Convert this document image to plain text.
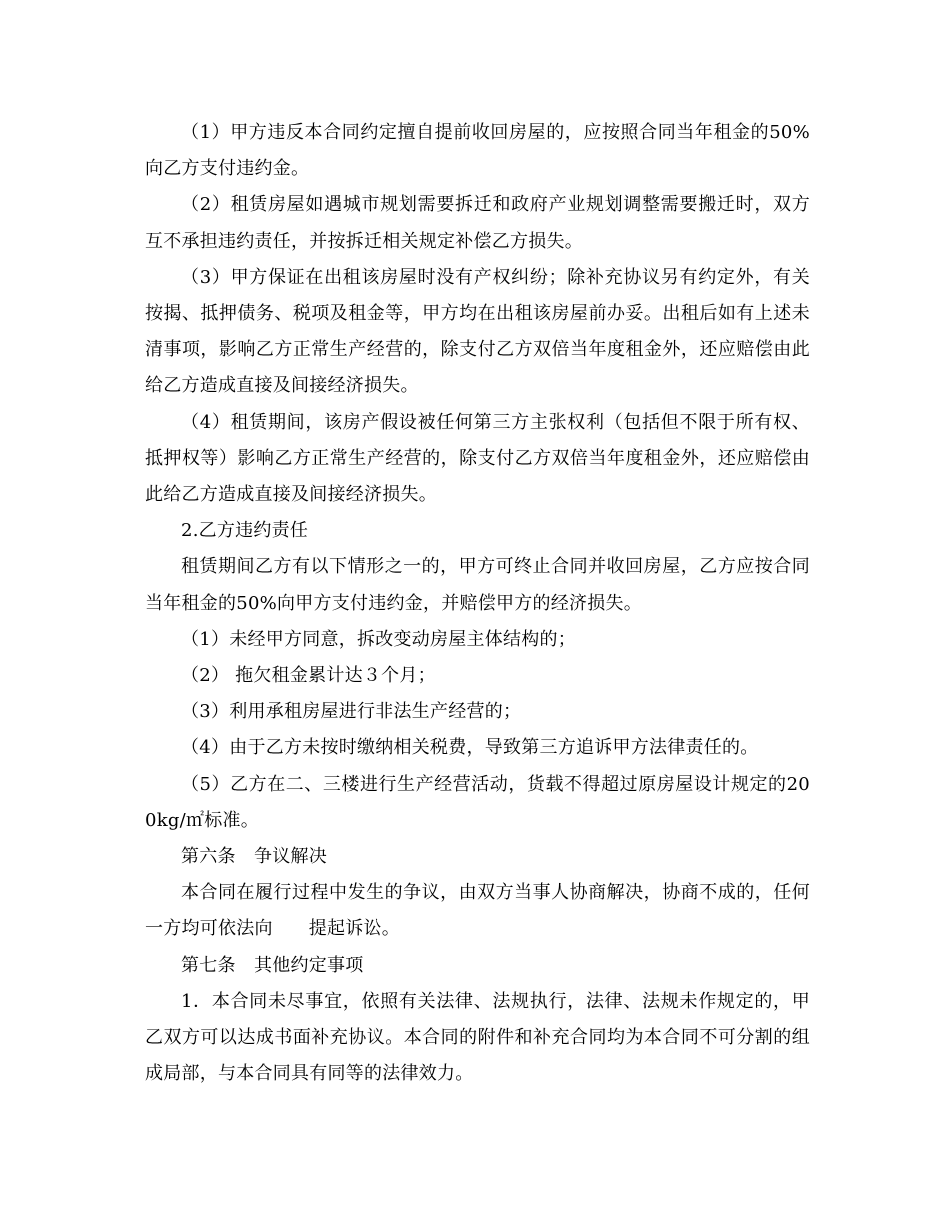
（1）甲方违反本合同约定擅自提前收回房屋的，应按照合同当年租金的50%向乙方支付违约金。

（2）租赁房屋如遇城市规划需要拆迁和政府产业规划调整需要搬迁时，双方互不承担违约责任，并按拆迁相关规定补偿乙方损失。

（3）甲方保证在出租该房屋时没有产权纠纷；除补充协议另有约定外，有关按揭、抵押债务、税项及租金等，甲方均在出租该房屋前办妥。出租后如有上述未清事项，影响乙方正常生产经营的，除支付乙方双倍当年度租金外，还应赔偿由此给乙方造成直接及间接经济损失。

（4）租赁期间，该房产假设被任何第三方主张权利（包括但不限于所有权、抵押权等）影响乙方正常生产经营的，除支付乙方双倍当年度租金外，还应赔偿由此给乙方造成直接及间接经济损失。

2.乙方违约责任

租赁期间乙方有以下情形之一的，甲方可终止合同并收回房屋，乙方应按合同当年租金的50%向甲方支付违约金，并赔偿甲方的经济损失。

（1）未经甲方同意，拆改变动房屋主体结构的；

（2） 拖欠租金累计达３个月；

（3）利用承租房屋进行非法生产经营的；

（4）由于乙方未按时缴纳相关税费，导致第三方追诉甲方法律责任的。

（5）乙方在二、三楼进行生产经营活动，货载不得超过原房屋设计规定的200kg/㎡标准。

第六条　争议解决

本合同在履行过程中发生的争议，由双方当事人协商解决，协商不成的，任何一方均可依法向 提起诉讼。

第七条　其他约定事项

1．本合同未尽事宜，依照有关法律、法规执行，法律、法规未作规定的，甲乙双方可以达成书面补充协议。本合同的附件和补充合同均为本合同不可分割的组成局部，与本合同具有同等的法律效力。
